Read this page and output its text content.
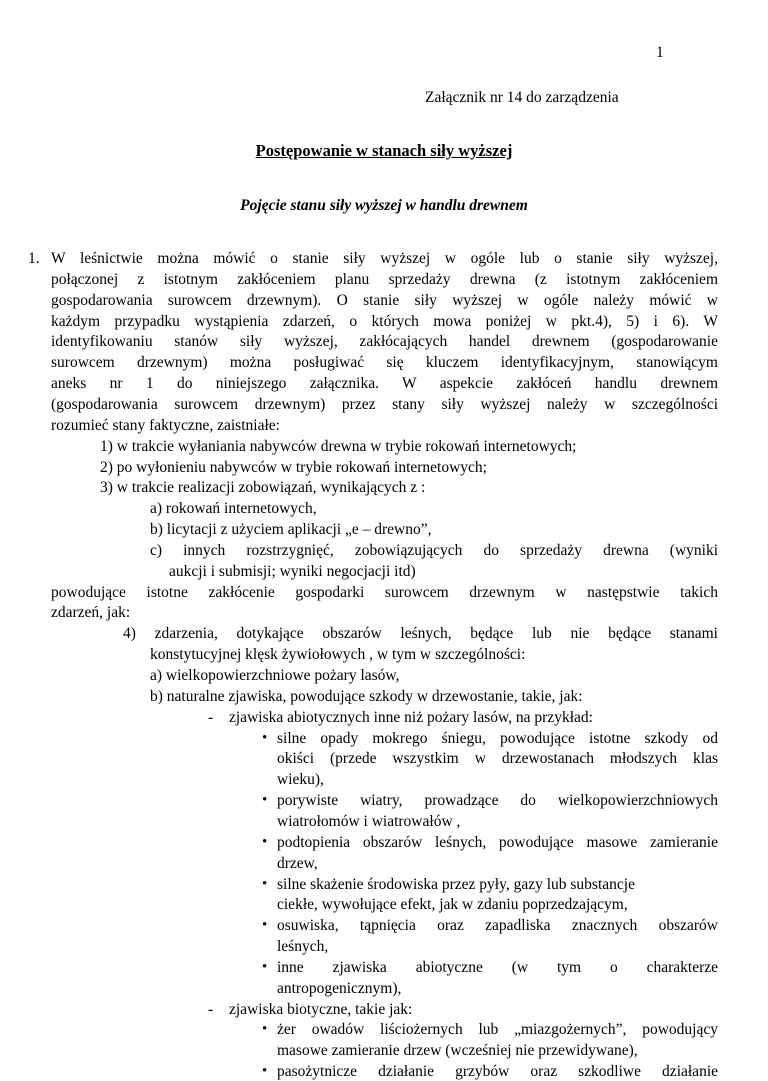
1
Załącznik nr 14 do zarządzenia
Postępowanie w stanach siły wyższej
Pojęcie stanu siły wyższej w handlu drewnem
1. W leśnictwie można mówić o stanie siły wyższej w ogóle lub o stanie siły wyższej,
połączonej z istotnym zakłóceniem planu sprzedaży drewna (z istotnym zakłóceniem
gospodarowania surowcem drzewnym). O stanie siły wyższej w ogóle należy mówić w
każdym przypadku wystąpienia zdarzeń, o których mowa poniżej w pkt.4), 5) i 6). W
identyfikowaniu stanów siły wyższej, zakłócających handel drewnem (gospodarowanie
surowcem drzewnym) można posługiwać się kluczem identyfikacyjnym, stanowiącym
aneks nr 1 do niniejszego załącznika. W aspekcie zakłóceń handlu drewnem
(gospodarowania surowcem drzewnym) przez stany siły wyższej należy w szczególności
rozumieć stany faktyczne, zaistniałe:
1) w trakcie wyłaniania nabywców drewna w trybie rokowań internetowych;
2) po wyłonieniu nabywców w trybie rokowań internetowych;
3) w trakcie realizacji zobowiązań, wynikających z :
a) rokowań internetowych,
b) licytacji z użyciem aplikacji „e – drewno”,
c) innych rozstrzygnięć, zobowiązujących do sprzedaży drewna (wyniki
aukcji i submisji; wyniki negocjacji itd)
powodujące istotne zakłócenie gospodarki surowcem drzewnym w następstwie takich
zdarzeń, jak:
4) zdarzenia, dotykające obszarów leśnych, będące lub nie będące stanami
konstytucyjnej klęsk żywiołowych , w tym w szczególności:
a) wielkopowierzchniowe pożary lasów,
b) naturalne zjawiska, powodujące szkody w drzewostanie, takie, jak:
- zjawiska abiotycznych inne niż pożary lasów, na przykład:
• silne opady mokrego śniegu, powodujące istotne szkody od
okiści (przede wszystkim w drzewostanach młodszych klas
wieku),
• porywiste wiatry, prowadzące do wielkopowierzchniowych
wiatrołomów i wiatrowałów ,
• podtopienia obszarów leśnych, powodujące masowe zamieranie
drzew,
• silne skażenie środowiska przez pyły, gazy lub substancje
ciekłe, wywołujące efekt, jak w zdaniu poprzedzającym,
• osuwiska, tąpnięcia oraz zapadliska znacznych obszarów
leśnych,
• inne zjawiska abiotyczne (w tym o charakterze
antropogenicznym),
- zjawiska biotyczne, takie jak:
• żer owadów liściożernych lub „miazgożernych”, powodujący
masowe zamieranie drzew (wcześniej nie przewidywane),
• pasożytnicze działanie grzybów oraz szkodliwe działanie
